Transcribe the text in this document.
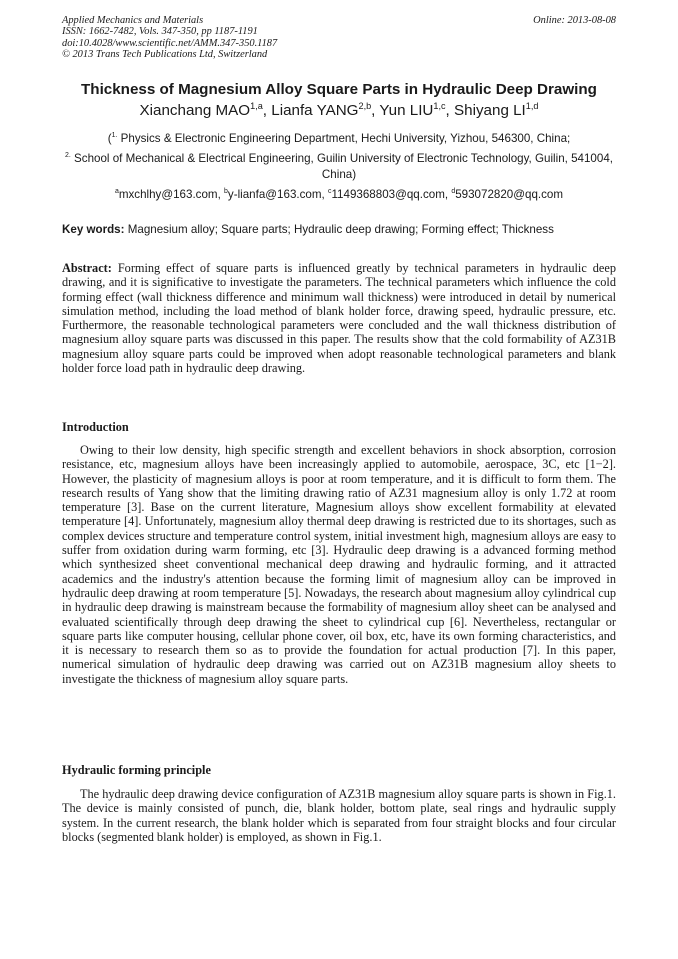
Applied Mechanics and Materials
ISSN: 1662-7482, Vols. 347-350, pp 1187-1191
doi:10.4028/www.scientific.net/AMM.347-350.1187
© 2013 Trans Tech Publications Ltd, Switzerland
Online: 2013-08-08
Thickness of Magnesium Alloy Square Parts in Hydraulic Deep Drawing
Xianchang MAO$^{1,a}$, Lianfa YANG$^{2,b}$, Yun LIU$^{1,c}$, Shiyang LI$^{1,d}$
($^{1.}$ Physics & Electronic Engineering Department, Hechi University, Yizhou, 546300, China;
$^{2.}$ School of Mechanical & Electrical Engineering, Guilin University of Electronic Technology, Guilin, 541004, China)
$^a$mxchlhy@163.com, $^b$y-lianfa@163.com, $^c$1149368803@qq.com, $^d$593072820@qq.com
Key words: Magnesium alloy; Square parts; Hydraulic deep drawing; Forming effect; Thickness
Abstract: Forming effect of square parts is influenced greatly by technical parameters in hydraulic deep drawing, and it is significative to investigate the parameters. The technical parameters which influence the cold forming effect (wall thickness difference and minimum wall thickness) were introduced in detail by numerical simulation method, including the load method of blank holder force, drawing speed, hydraulic pressure, etc. Furthermore, the reasonable technological parameters were concluded and the wall thickness distribution of magnesium alloy square parts was discussed in this paper. The results show that the cold formability of AZ31B magnesium alloy square parts could be improved when adopt reasonable technological parameters and blank holder force load path in hydraulic deep drawing.
Introduction
Owing to their low density, high specific strength and excellent behaviors in shock absorption, corrosion resistance, etc, magnesium alloys have been increasingly applied to automobile, aerospace, 3C, etc [1−2]. However, the plasticity of magnesium alloys is poor at room temperature, and it is difficult to form them. The research results of Yang show that the limiting drawing ratio of AZ31 magnesium alloy is only 1.72 at room temperature [3]. Base on the current literature, Magnesium alloys show excellent formability at elevated temperature [4]. Unfortunately, magnesium alloy thermal deep drawing is restricted due to its shortages, such as complex devices structure and temperature control system, initial investment high, magnesium alloys are easy to suffer from oxidation during warm forming, etc [3]. Hydraulic deep drawing is a advanced forming method which synthesized sheet conventional mechanical deep drawing and hydraulic forming, and it attracted academics and the industry's attention because the forming limit of magnesium alloy can be improved in hydraulic deep drawing at room temperature [5]. Nowadays, the research about magnesium alloy cylindrical cup in hydraulic deep drawing is mainstream because the formability of magnesium alloy sheet can be analysed and evaluated scientifically through deep drawing the sheet to cylindrical cup [6]. Nevertheless, rectangular or square parts like computer housing, cellular phone cover, oil box, etc, have its own forming characteristics, and it is necessary to research them so as to provide the foundation for actual production [7]. In this paper, numerical simulation of hydraulic deep drawing was carried out on AZ31B magnesium alloy sheets to investigate the thickness of magnesium alloy square parts.
Hydraulic forming principle
The hydraulic deep drawing device configuration of AZ31B magnesium alloy square parts is shown in Fig.1. The device is mainly consisted of punch, die, blank holder, bottom plate, seal rings and hydraulic supply system. In the current research, the blank holder which is separated from four straight blocks and four circular blocks (segmented blank holder) is employed, as shown in Fig.1.
